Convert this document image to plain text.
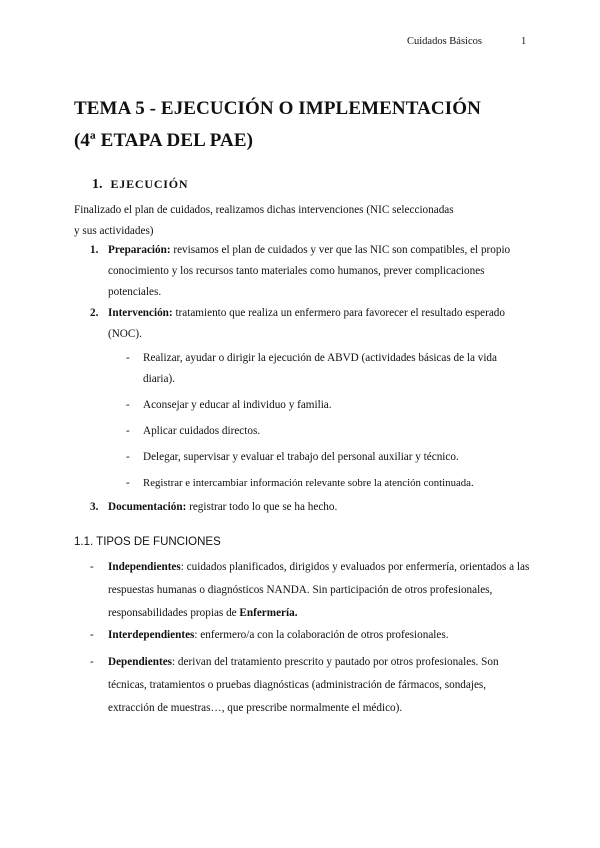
Cuidados Básicos	1
TEMA 5 - EJECUCIÓN O IMPLEMENTACIÓN
(4ª ETAPA DEL PAE)
1. EJECUCIÓN
Finalizado el plan de cuidados, realizamos dichas intervenciones (NIC seleccionadas
y sus actividades)
1. Preparación: revisamos el plan de cuidados y ver que las NIC son compatibles, el propio conocimiento y los recursos tanto materiales como humanos, prever complicaciones potenciales.
2. Intervención: tratamiento que realiza un enfermero para favorecer el resultado esperado (NOC).
- Realizar, ayudar o dirigir la ejecución de ABVD (actividades básicas de la vida diaria).
- Aconsejar y educar al individuo y familia.
- Aplicar cuidados directos.
- Delegar, supervisar y evaluar el trabajo del personal auxiliar y técnico.
- Registrar e intercambiar información relevante sobre la atención continuada.
3. Documentación: registrar todo lo que se ha hecho.
1.1. TIPOS DE FUNCIONES
- Independientes: cuidados planificados, dirigidos y evaluados por enfermería, orientados a las respuestas humanas o diagnósticos NANDA. Sin participación de otros profesionales, responsabilidades propias de Enfermería.
- Interdependientes: enfermero/a con la colaboración de otros profesionales.
- Dependientes: derivan del tratamiento prescrito y pautado por otros profesionales. Son técnicas, tratamientos o pruebas diagnósticas (administración de fármacos, sondajes, extracción de muestras…, que prescribe normalmente el médico).
